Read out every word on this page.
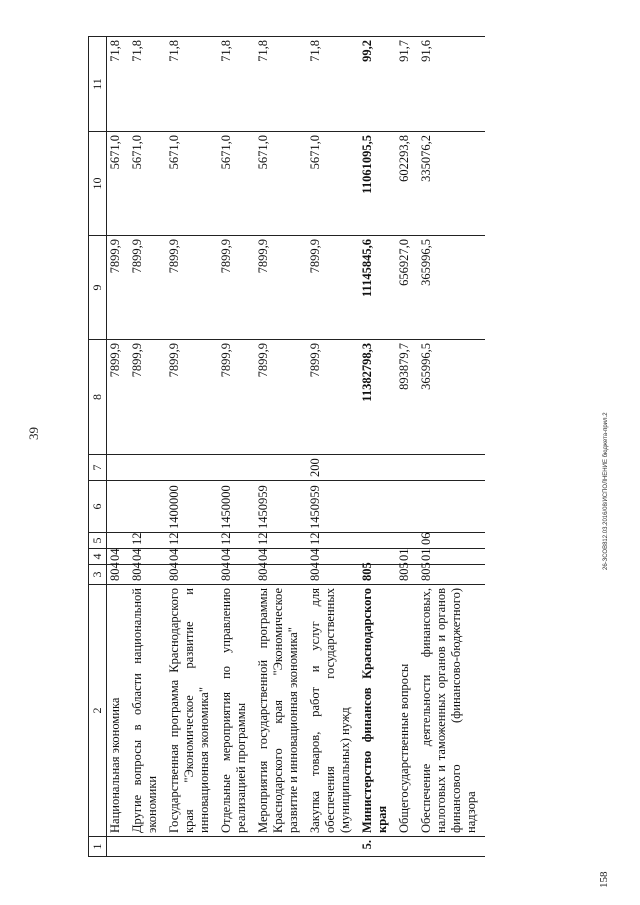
39
1	2	3	4	5	6	7	8	9	10	11
	Национальная экономика	804	04				7899,9	7899,9	5671,0	71,8
	Другие вопросы в области национальной экономики	804	04	12			7899,9	7899,9	5671,0	71,8
	Государственная программа Краснодарского края "Экономическое развитие и инновационная экономика"	804	04	12	1400000		7899,9	7899,9	5671,0	71,8
	Отдельные мероприятия по управлению реализацией программы	804	04	12	1450000		7899,9	7899,9	5671,0	71,8
	Мероприятия государственной программы Краснодарского края "Экономическое развитие и инновационная экономика"	804	04	12	1450959		7899,9	7899,9	5671,0	71,8
	Закупка товаров, работ и услуг для обеспечения государственных (муниципальных) нужд	804	04	12	1450959	200	7899,9	7899,9	5671,0	71,8
5.	Министерство финансов Краснодарского края	805					11382798,3	11145845,6	11061095,5	99,2
	Общегосударственные вопросы	805	01				893879,7	656927,0	602293,8	91,7
	Обеспечение деятельности финансовых, налоговых и таможенных органов и органов финансового (финансово-бюджетного) надзора	805	01	06			365996,5	365996,5	335076,2	91,6
26-ЗСОВ812.03.2016/08/ИСПОЛНЕНИЕ бюджета-прил.2
158
